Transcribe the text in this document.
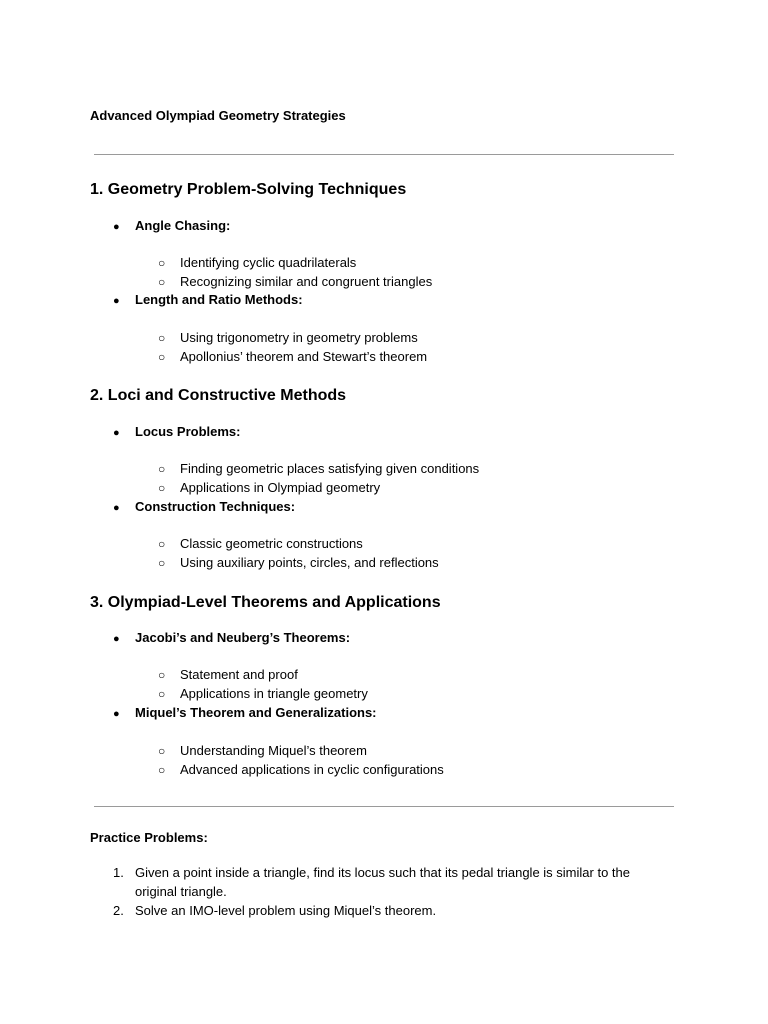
Advanced Olympiad Geometry Strategies
1. Geometry Problem-Solving Techniques
● Angle Chasing:
○ Identifying cyclic quadrilaterals
○ Recognizing similar and congruent triangles
● Length and Ratio Methods:
○ Using trigonometry in geometry problems
○ Apollonius’ theorem and Stewart’s theorem
2. Loci and Constructive Methods
● Locus Problems:
○ Finding geometric places satisfying given conditions
○ Applications in Olympiad geometry
● Construction Techniques:
○ Classic geometric constructions
○ Using auxiliary points, circles, and reflections
3. Olympiad-Level Theorems and Applications
● Jacobi’s and Neuberg’s Theorems:
○ Statement and proof
○ Applications in triangle geometry
● Miquel’s Theorem and Generalizations:
○ Understanding Miquel’s theorem
○ Advanced applications in cyclic configurations
Practice Problems:
1. Given a point inside a triangle, find its locus such that its pedal triangle is similar to the original triangle.
2. Solve an IMO-level problem using Miquel’s theorem.
